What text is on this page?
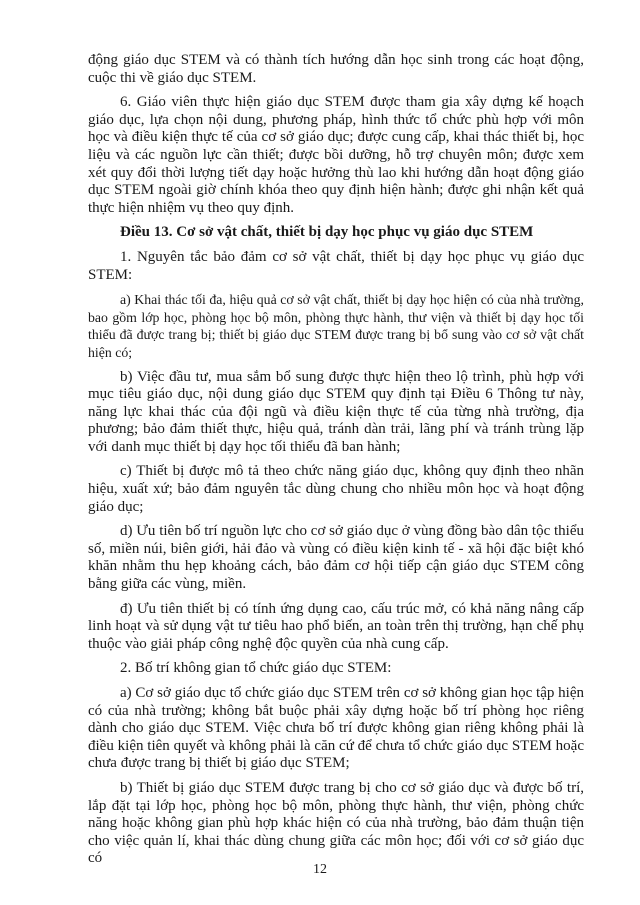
động giáo dục STEM và có thành tích hướng dẫn học sinh trong các hoạt động, cuộc thi về giáo dục STEM.

6. Giáo viên thực hiện giáo dục STEM được tham gia xây dựng kế hoạch giáo dục, lựa chọn nội dung, phương pháp, hình thức tổ chức phù hợp với môn học và điều kiện thực tế của cơ sở giáo dục; được cung cấp, khai thác thiết bị, học liệu và các nguồn lực cần thiết; được bồi dưỡng, hỗ trợ chuyên môn; được xem xét quy đổi thời lượng tiết dạy hoặc hưởng thù lao khi hướng dẫn hoạt động giáo dục STEM ngoài giờ chính khóa theo quy định hiện hành; được ghi nhận kết quả thực hiện nhiệm vụ theo quy định.

Điều 13. Cơ sở vật chất, thiết bị dạy học phục vụ giáo dục STEM

1. Nguyên tắc bảo đảm cơ sở vật chất, thiết bị dạy học phục vụ giáo dục STEM:

a) Khai thác tối đa, hiệu quả cơ sở vật chất, thiết bị dạy học hiện có của nhà trường, bao gồm lớp học, phòng học bộ môn, phòng thực hành, thư viện và thiết bị dạy học tối thiểu đã được trang bị; thiết bị giáo dục STEM được trang bị bổ sung vào cơ sở vật chất hiện có;

b) Việc đầu tư, mua sắm bổ sung được thực hiện theo lộ trình, phù hợp với mục tiêu giáo dục, nội dung giáo dục STEM quy định tại Điều 6 Thông tư này, năng lực khai thác của đội ngũ và điều kiện thực tế của từng nhà trường, địa phương; bảo đảm thiết thực, hiệu quả, tránh dàn trải, lãng phí và tránh trùng lặp với danh mục thiết bị dạy học tối thiểu đã ban hành;

c) Thiết bị được mô tả theo chức năng giáo dục, không quy định theo nhãn hiệu, xuất xứ; bảo đảm nguyên tắc dùng chung cho nhiều môn học và hoạt động giáo dục;

d) Ưu tiên bố trí nguồn lực cho cơ sở giáo dục ở vùng đồng bào dân tộc thiểu số, miền núi, biên giới, hải đảo và vùng có điều kiện kinh tế - xã hội đặc biệt khó khăn nhằm thu hẹp khoảng cách, bảo đảm cơ hội tiếp cận giáo dục STEM công bằng giữa các vùng, miền.

đ) Ưu tiên thiết bị có tính ứng dụng cao, cấu trúc mở, có khả năng nâng cấp linh hoạt và sử dụng vật tư tiêu hao phổ biến, an toàn trên thị trường, hạn chế phụ thuộc vào giải pháp công nghệ độc quyền của nhà cung cấp.

2. Bố trí không gian tổ chức giáo dục STEM:

a) Cơ sở giáo dục tổ chức giáo dục STEM trên cơ sở không gian học tập hiện có của nhà trường; không bắt buộc phải xây dựng hoặc bố trí phòng học riêng dành cho giáo dục STEM. Việc chưa bố trí được không gian riêng không phải là điều kiện tiên quyết và không phải là căn cứ để chưa tổ chức giáo dục STEM hoặc chưa được trang bị thiết bị giáo dục STEM;

b) Thiết bị giáo dục STEM được trang bị cho cơ sở giáo dục và được bố trí, lắp đặt tại lớp học, phòng học bộ môn, phòng thực hành, thư viện, phòng chức năng hoặc không gian phù hợp khác hiện có của nhà trường, bảo đảm thuận tiện cho việc quản lí, khai thác dùng chung giữa các môn học; đối với cơ sở giáo dục có

12
